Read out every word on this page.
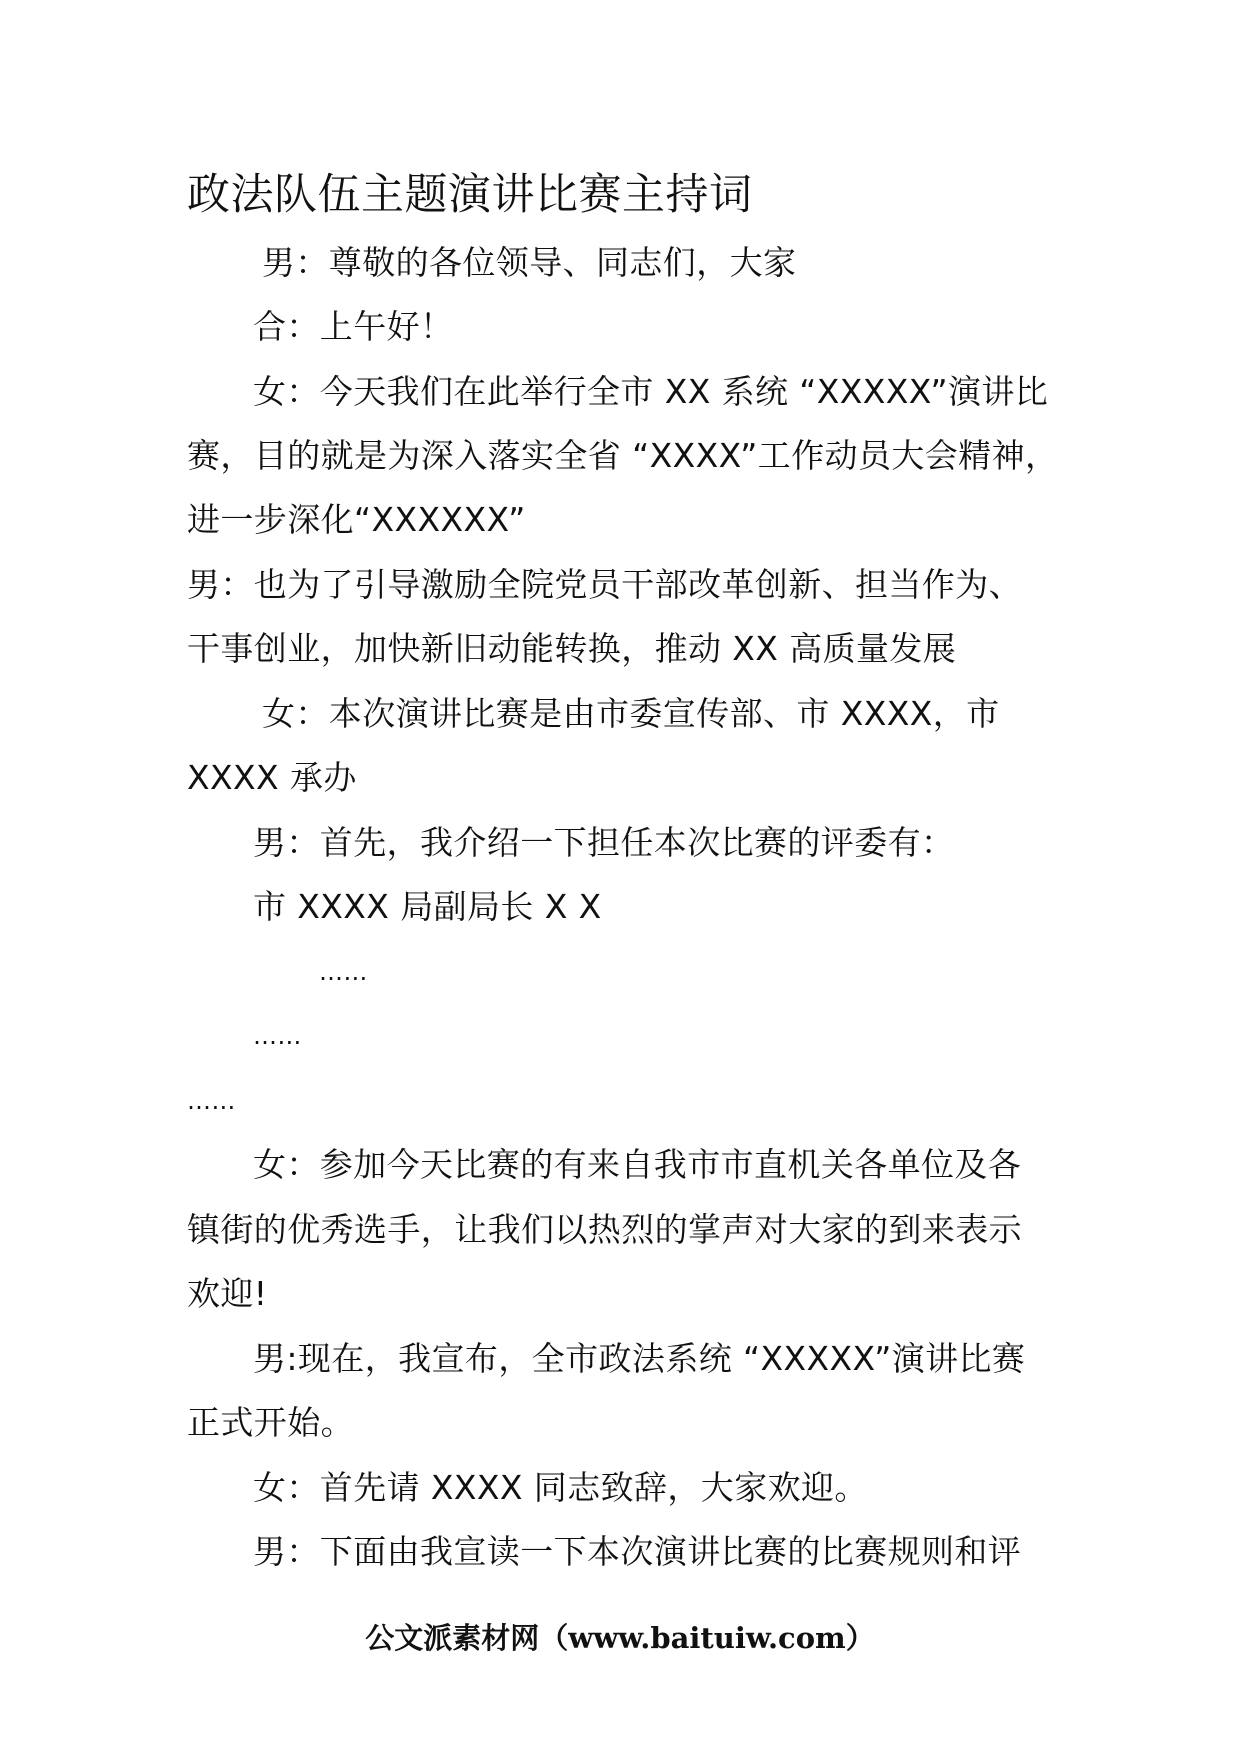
政法队伍主题演讲比赛主持词
男：尊敬的各位领导、同志们，大家
合：上午好！
女：今天我们在此举行全市 XX 系统 “XXXXX”演讲比
赛，目的就是为深入落实全省 “XXXX”工作动员大会精神，
进一步深化“XXXXXX”
男：也为了引导激励全院党员干部改革创新、担当作为、
干事创业，加快新旧动能转换，推动 XX 高质量发展
女：本次演讲比赛是由市委宣传部、市 XXXX，市
XXXX 承办
男：首先，我介绍一下担任本次比赛的评委有：
市 XXXX 局副局长 X X
……
……
……
女：参加今天比赛的有来自我市市直机关各单位及各
镇街的优秀选手，让我们以热烈的掌声对大家的到来表示
欢迎!
男:现在，我宣布，全市政法系统 “XXXXX”演讲比赛
正式开始。
女：首先请 XXXX 同志致辞，大家欢迎。
男：下面由我宣读一下本次演讲比赛的比赛规则和评
公文派素材网（www.baituiw.com）
